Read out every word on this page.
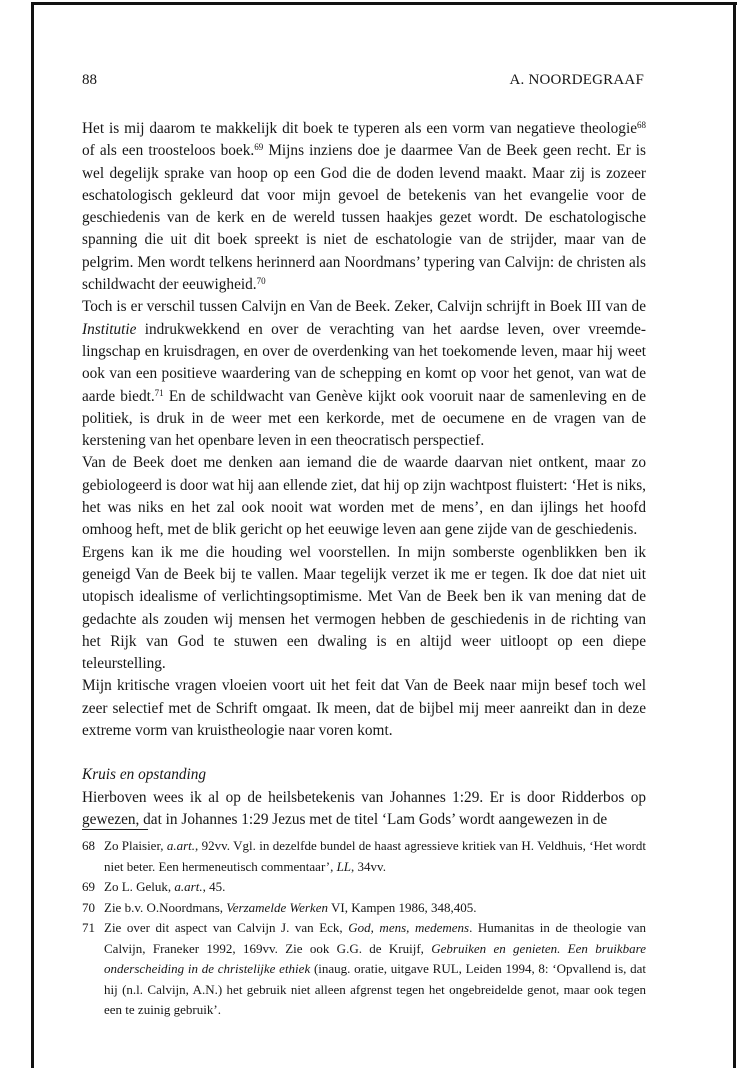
88	A. NOORDEGRAAF

Het is mij daarom te makkelijk dit boek te typeren als een vorm van negatieve theologie$^{68}$ of als een troosteloos boek.$^{69}$ Mijns inziens doe je daarmee Van de Beek geen recht. Er is wel degelijk sprake van hoop op een God die de doden levend maakt. Maar zij is zozeer eschatologisch gekleurd dat voor mijn gevoel de betekenis van het evangelie voor de geschiedenis van de kerk en de wereld tussen haakjes gezet wordt. De eschatologische spanning die uit dit boek spreekt is niet de eschatologie van de strijder, maar van de pelgrim. Men wordt telkens herinnerd aan Noordmans’ typering van Calvijn: de christen als schildwacht der eeuwigheid.$^{70}$

Toch is er verschil tussen Calvijn en Van de Beek. Zeker, Calvijn schrijft in Boek III van de Institutie indrukwekkend en over de verachting van het aardse leven, over vreemdelingschap en kruisdragen, en over de overdenking van het toekomende leven, maar hij weet ook van een positieve waardering van de schepping en komt op voor het genot, van wat de aarde biedt.$^{71}$ En de schildwacht van Genève kijkt ook vooruit naar de samenleving en de politiek, is druk in de weer met een kerkorde, met de oecumene en de vragen van de kerstening van het openbare leven in een theocratisch perspectief.

Van de Beek doet me denken aan iemand die de waarde daarvan niet ontkent, maar zo gebiologeerd is door wat hij aan ellende ziet, dat hij op zijn wachtpost fluistert: ‘Het is niks, het was niks en het zal ook nooit wat worden met de mens’, en dan ijlings het hoofd omhoog heft, met de blik gericht op het eeuwige leven aan gene zijde van de geschiedenis.

Ergens kan ik me die houding wel voorstellen. In mijn somberste ogenblikken ben ik geneigd Van de Beek bij te vallen. Maar tegelijk verzet ik me er tegen. Ik doe dat niet uit utopisch idealisme of verlichtingsoptimisme. Met Van de Beek ben ik van mening dat de gedachte als zouden wij mensen het vermogen hebben de geschiedenis in de richting van het Rijk van God te stuwen een dwaling is en altijd weer uitloopt op een diepe teleurstelling.

Mijn kritische vragen vloeien voort uit het feit dat Van de Beek naar mijn besef toch wel zeer selectief met de Schrift omgaat. Ik meen, dat de bijbel mij meer aanreikt dan in deze extreme vorm van kruistheologie naar voren komt.

Kruis en opstanding

Hierboven wees ik al op de heilsbetekenis van Johannes 1:29. Er is door Ridderbos op gewezen, dat in Johannes 1:29 Jezus met de titel ‘Lam Gods’ wordt aangewezen in de

68 Zo Plaisier, a.art., 92vv. Vgl. in dezelfde bundel de haast agressieve kritiek van H. Veldhuis, ‘Het wordt niet beter. Een hermeneutisch commentaar’, LL, 34vv.
69 Zo L. Geluk, a.art., 45.
70 Zie b.v. O.Noordmans, Verzamelde Werken VI, Kampen 1986, 348,405.
71 Zie over dit aspect van Calvijn J. van Eck, God, mens, medemens. Humanitas in de theologie van Calvijn, Franeker 1992, 169vv. Zie ook G.G. de Kruijf, Gebruiken en genieten. Een bruikbare onderscheiding in de christelijke ethiek (inaug. oratie, uitgave RUL, Leiden 1994, 8: ‘Opvallend is, dat hij (n.l. Calvijn, A.N.) het gebruik niet alleen afgrenst tegen het ongebreidelde genot, maar ook tegen een te zuinig gebruik’.
